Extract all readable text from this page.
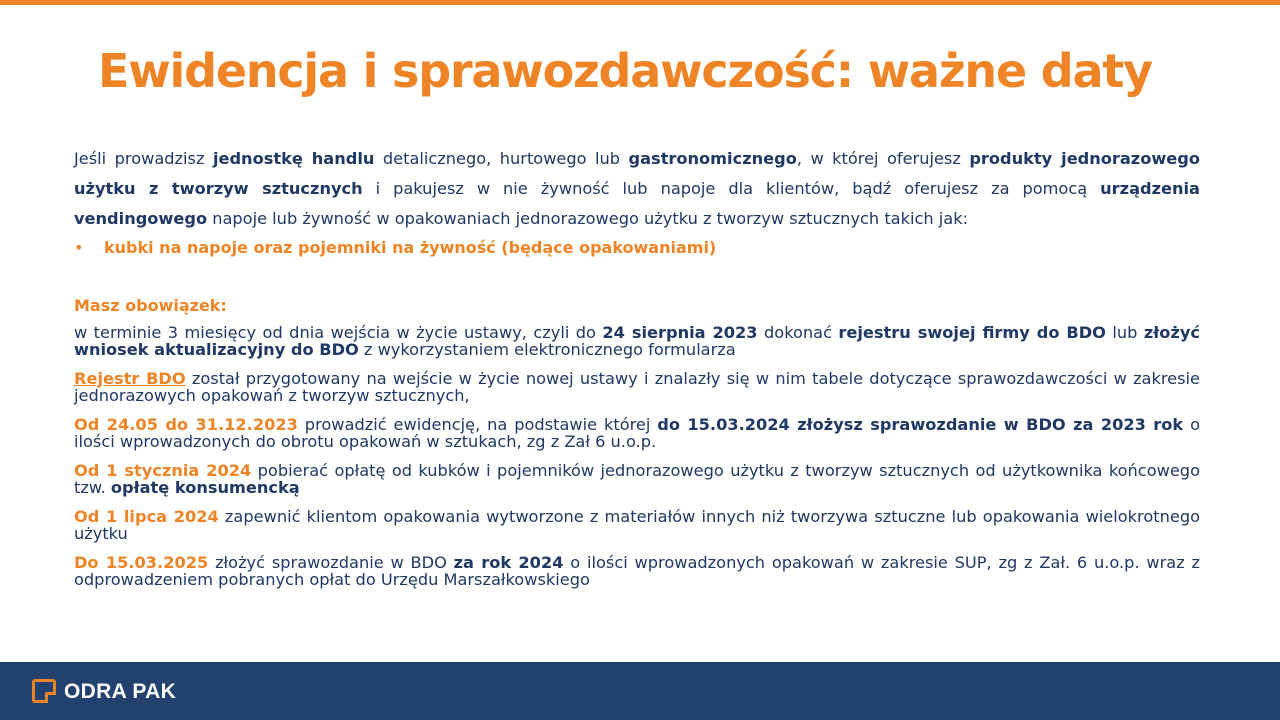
Ewidencja i sprawozdawczość: ważne daty

Jeśli prowadzisz jednostkę handlu detalicznego, hurtowego lub gastronomicznego, w której oferujesz produkty jednorazowego użytku z tworzyw sztucznych i pakujesz w nie żywność lub napoje dla klientów, bądź oferujesz za pomocą urządzenia vendingowego napoje lub żywność w opakowaniach jednorazowego użytku z tworzyw sztucznych takich jak:

•	kubki na napoje oraz pojemniki na żywność (będące opakowaniami)
Masz obowiązek:

w terminie 3 miesięcy od dnia wejścia w życie ustawy, czyli do 24 sierpnia 2023 dokonać rejestru swojej firmy do BDO lub złożyć wniosek aktualizacyjny do BDO z wykorzystaniem elektronicznego formularza

Rejestr BDO został przygotowany na wejście w życie nowej ustawy i znalazły się w nim tabele dotyczące sprawozdawczości w zakresie jednorazowych opakowań z tworzyw sztucznych,

Od 24.05 do 31.12.2023 prowadzić ewidencję, na podstawie której do 15.03.2024 złożysz sprawozdanie w BDO za 2023 rok o ilości wprowadzonych do obrotu opakowań w sztukach, zg z Zał 6 u.o.p.

Od 1 stycznia 2024 pobierać opłatę od kubków i pojemników jednorazowego użytku z tworzyw sztucznych od użytkownika końcowego tzw. opłatę konsumencką

Od 1 lipca 2024 zapewnić klientom opakowania wytworzone z materiałów innych niż tworzywa sztuczne lub opakowania wielokrotnego użytku

Do 15.03.2025 złożyć sprawozdanie w BDO za rok 2024 o ilości wprowadzonych opakowań w zakresie SUP, zg z Zał. 6 u.o.p. wraz z odprowadzeniem pobranych opłat do Urzędu Marszałkowskiego

ODRA PAK
